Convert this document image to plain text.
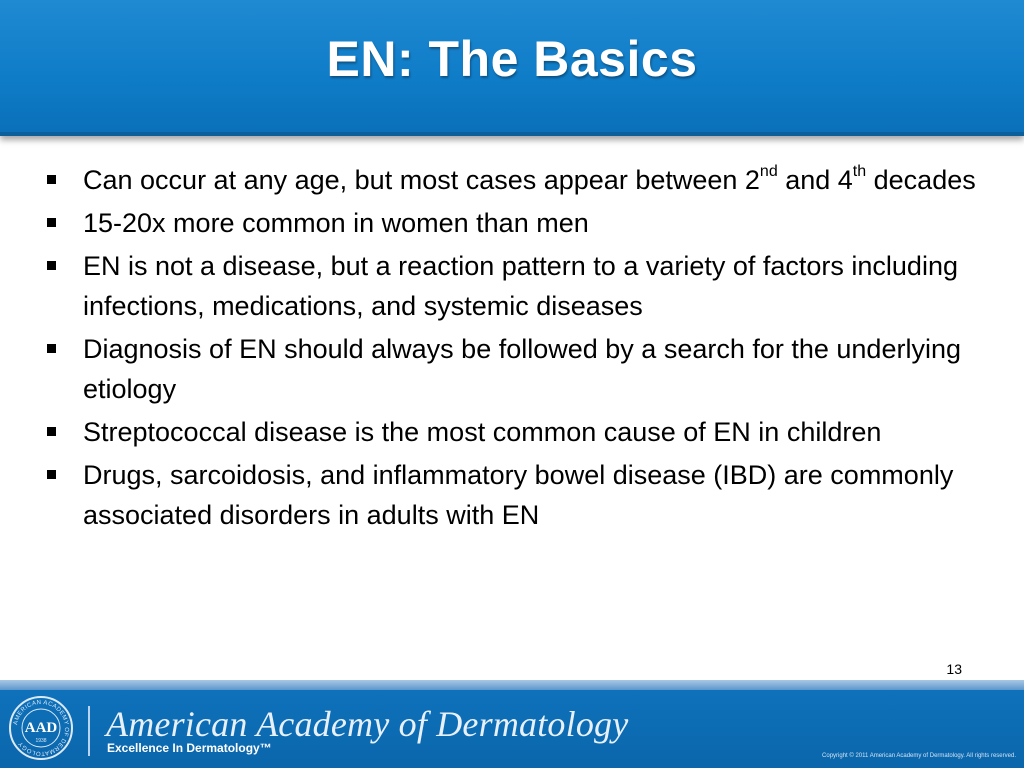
EN: The Basics
Can occur at any age, but most cases appear between 2nd and 4th decades
15-20x more common in women than men
EN is not a disease, but a reaction pattern to a variety of factors including infections, medications, and systemic diseases
Diagnosis of EN should always be followed by a search for the underlying etiology
Streptococcal disease is the most common cause of EN in children
Drugs, sarcoidosis, and inflammatory bowel disease (IBD) are commonly associated disorders in adults with EN
13
AMERICAN ACADEMY OF DERMATOLOGY
AAD
1938 American Academy of Dermatology
Excellence In Dermatology™
Copyright © 2011 American Academy of Dermatology. All rights reserved.
